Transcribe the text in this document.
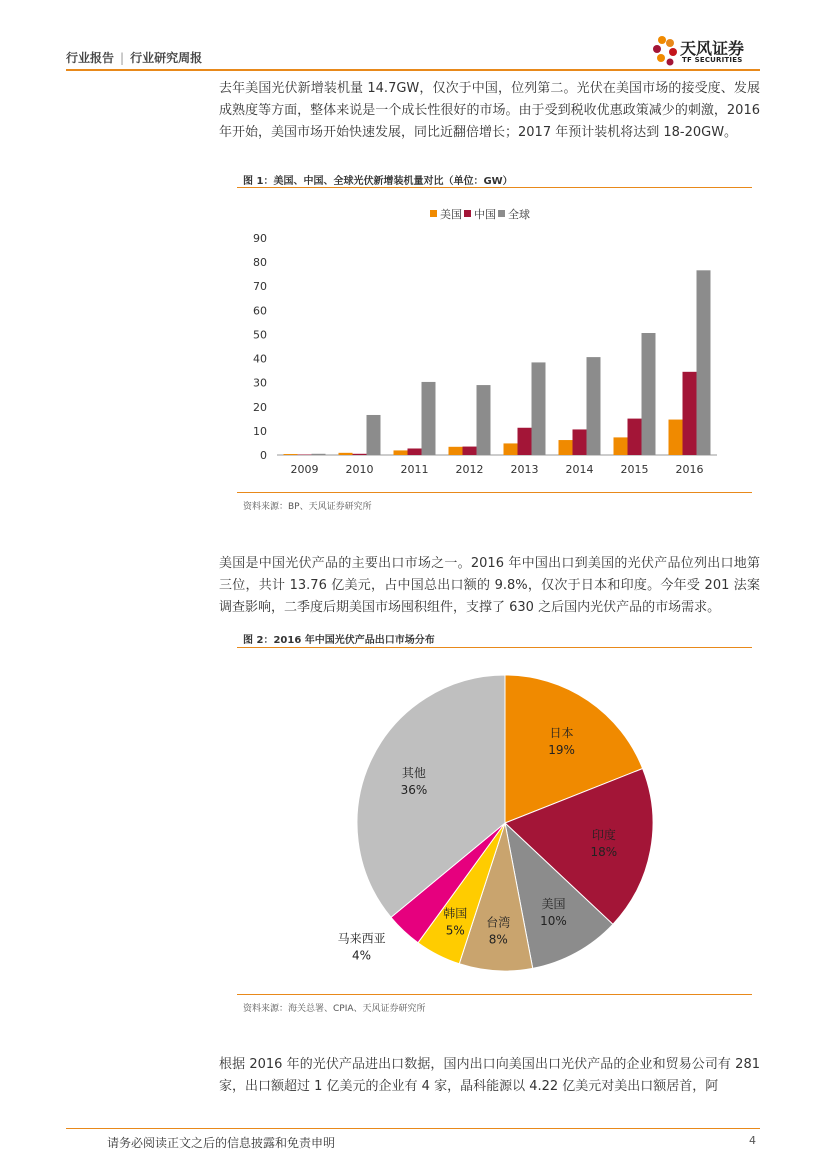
行业报告 | 行业研究周报	天风证券
TF SECURITIES
去年美国光伏新增装机量 14.7GW，仅次于中国，位列第二。光伏在美国市场的接受度、发展成熟度等方面，整体来说是一个成长性很好的市场。由于受到税收优惠政策减少的刺激，2016 年开始，美国市场开始快速发展，同比近翻倍增长；2017 年预计装机将达到 18-20GW。
图 1：美国、中国、全球光伏新增装机量对比（单位：GW）
美国 中国 全球
0
10
20
30
40
50
60
70
80
90
2009 2010 2011 2012 2013 2014 2015 2016
资料来源：BP、天风证券研究所
美国是中国光伏产品的主要出口市场之一。2016 年中国出口到美国的光伏产品位列出口地第三位，共计 13.76 亿美元，占中国总出口额的 9.8%，仅次于日本和印度。今年受 201 法案调查影响，二季度后期美国市场囤积组件，支撑了 630 之后国内光伏产品的市场需求。
图 2：2016 年中国光伏产品出口市场分布
日本
19%
印度
18%
美国
10%
台湾
8%
韩国
5%
马来西亚
4%
其他
36%
资料来源：海关总署、CPIA、天风证券研究所
根据 2016 年的光伏产品进出口数据，国内出口向美国出口光伏产品的企业和贸易公司有 281 家，出口额超过 1 亿美元的企业有 4 家，晶科能源以 4.22 亿美元对美出口额居首，阿
请务必阅读正文之后的信息披露和免责申明	4
